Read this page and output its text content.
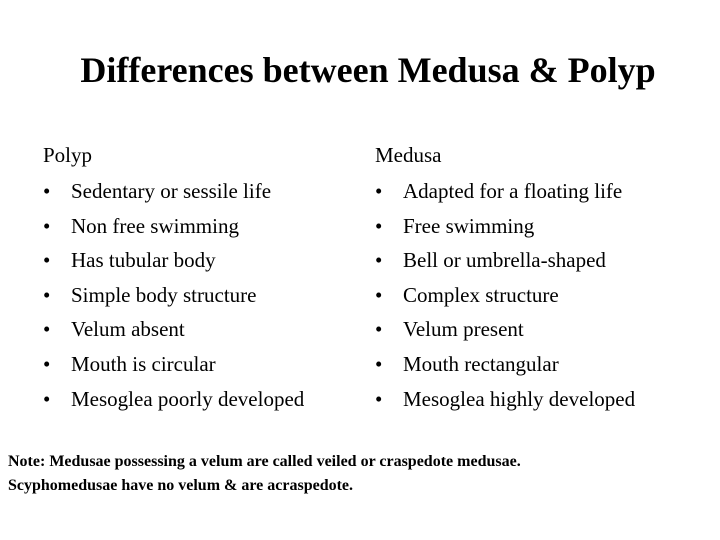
Differences between Medusa & Polyp
Polyp
• Sedentary or sessile life
• Non free swimming
• Has tubular body
• Simple body structure
• Velum absent
• Mouth is circular
• Mesoglea poorly developed
Medusa
• Adapted for a floating life
• Free swimming
• Bell or umbrella-shaped
• Complex structure
• Velum present
• Mouth rectangular
• Mesoglea highly developed
Note: Medusae possessing a velum are called veiled or craspedote medusae.
Scyphomedusae have no velum & are acraspedote.
